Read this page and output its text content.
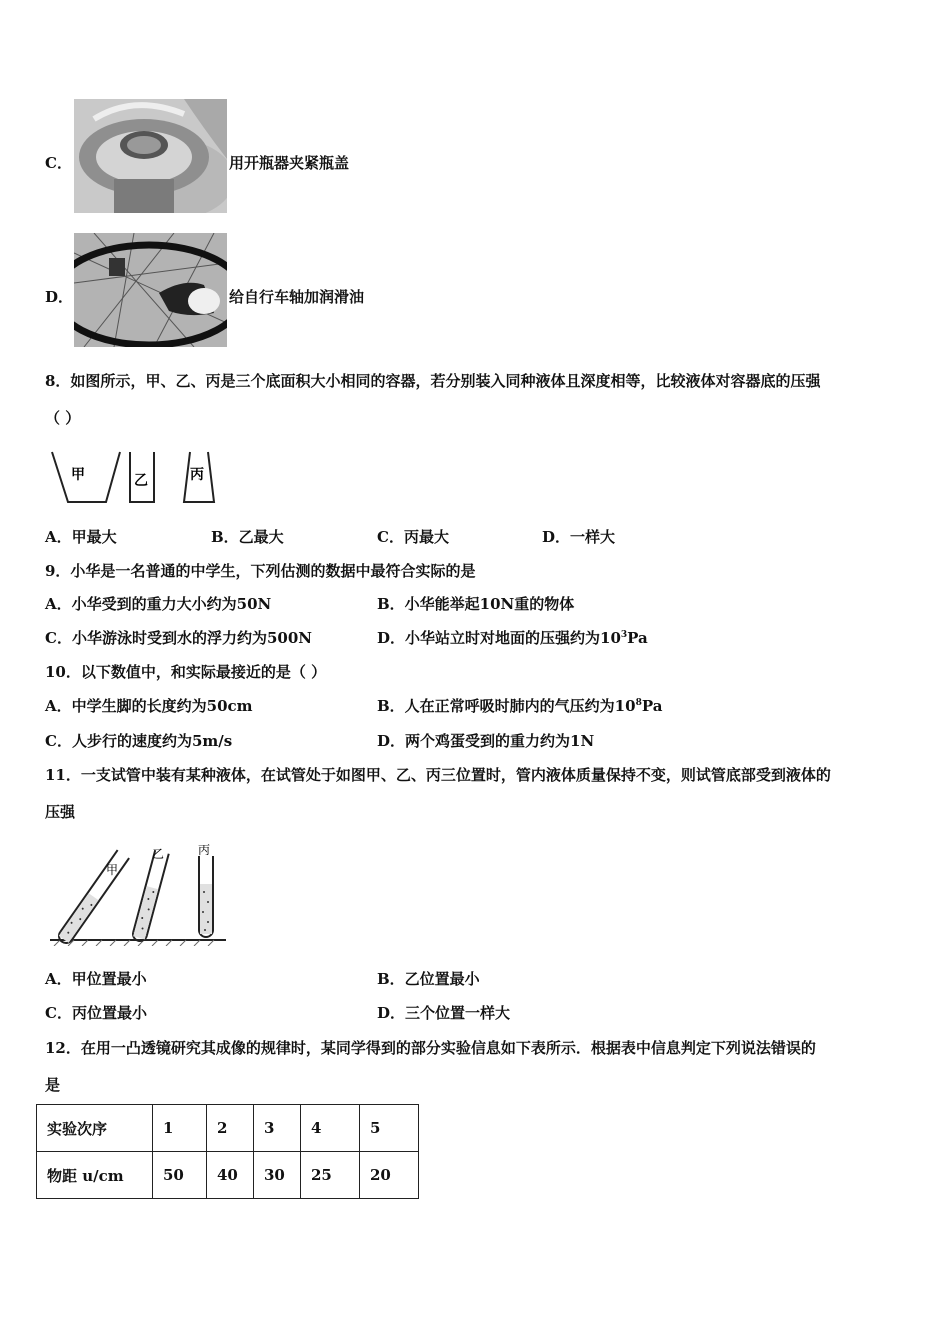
C．	用开瓶器夹紧瓶盖
D．	给自行车轴加润滑油
8．如图所示，甲、乙、丙是三个底面积大小相同的容器，若分别装入同种液体且深度相等，比较液体对容器底的压强
（ ）
甲	乙	丙
A．甲最大	B．乙最大	C．丙最大	D．一样大
9．小华是一名普通的中学生，下列估测的数据中最符合实际的是
A．小华受到的重力大小约为50N	B．小华能举起10N重的物体
C．小华游泳时受到水的浮力约为500N	D．小华站立时对地面的压强约为$10^3Pa$
10．以下数值中，和实际最接近的是（ ）
A．中学生脚的长度约为50cm	B．人在正常呼吸时肺内的气压约为$10^8Pa$
C．人步行的速度约为5m/s	D．两个鸡蛋受到的重力约为1N
11．一支试管中装有某种液体，在试管处于如图甲、乙、丙三位置时，管内液体质量保持不变，则试管底部受到液体的
压强
甲
乙	丙
A．甲位置最小	B．乙位置最小
C．丙位置最小	D．三个位置一样大
12．在用一凸透镜研究其成像的规律时，某同学得到的部分实验信息如下表所示．根据表中信息判定下列说法错误的
是
实验次序	1	2	3	4	5
物距 u/cm	50	40	30	25	20
